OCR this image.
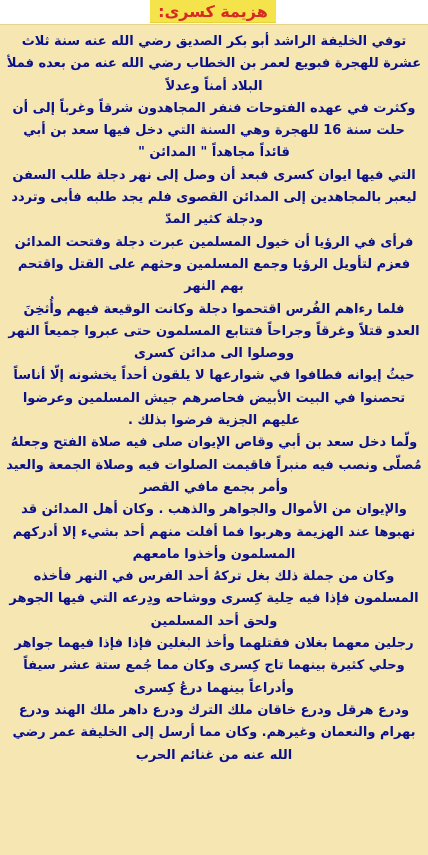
هزيمة كسرى:

توفي الخليفة الراشد أبو بكر الصديق رضي الله عنه سنة ثلاث عشرة للهجرة فبويع لعمر بن الخطاب رضي الله عنه من بعده فملأ البلاد أمناً وعدلاً

وكثرت في عهده الفتوحات فنفر المجاهدون شرقاً وغرباً إلى أن حلت سنة 16 للهجرة وهي السنة التي دخل فيها سعد بن أبي قائداً مجاهداً " المدائن "

التي فيها ايوان كسرى فبعد أن وصل إلى نهر دجلة طلب السفن ليعبر بالمجاهدين إلى المدائن القصوى فلم يجد طلبه فأبى وتردد ودجلة كثير المدّ

فرأى في الرؤيا أن خيول المسلمين عبرت دجلة وفتحت المدائن فعزم لتأويل الرؤيا وجمع المسلمين وحثهم على القتل واقتحم بهم النهر

فلما رءاهم الفُرس اقتحموا دجلة وكانت الوقيعة فيهم وأُثخِنَ العدو قتلاً وغرقاً وجراحاً فتتابع المسلمون حتى عبروا جميعاً النهر ووصلوا الى مدائن كسرى

حيثُ إيوانه فطافوا في شوارعها لا يلقون أحداً يخشونه إلّا أناساً تحصنوا في البيت الأبيض فحاصرهم جيش المسلمين وعرضوا عليهم الجزية فرضوا بذلك .

ولّما دخل سعد بن أبي وقاص الإيوان صلى فيه صلاة الفتح وجعلهُ مُصلّى ونصب فيه منبراً فاقيمت الصلوات فيه وصلاة الجمعة والعيد وأمر بجمع مافي القصر

والإيوان من الأموال والجواهر والذهب . وكان أهل المدائن قد نهبوها عند الهزيمة وهربوا فما أفلت منهم أحد بشيء إلا أدركهم المسلمون وأخذوا مامعهم

وكان من جملة ذلك بغل تركهُ أحد الفرس في النهر فأخذه المسلمون فإذا فيه حِلية كِسرى ووشاحه ودِرعه التي فيها الجوهر ولحق أحد المسلمين

رجلين معهما بغلان فقتلهما وأخذ البغلين فإذا فإذا فيهما جواهر وحلي كثيرة بينهما تاج كِسرى وكان مما جُمع ستة عشر سيفاً وأدراعاً بينهما درعُ كِسرى

ودرع هرقل ودرع خاقان ملك الترك ودرع داهر ملك الهند ودرع بهرام والنعمان وغيرهم. وكان مما أرسل إلى الخليفة عمر رضي الله عنه من غنائم الحرب
